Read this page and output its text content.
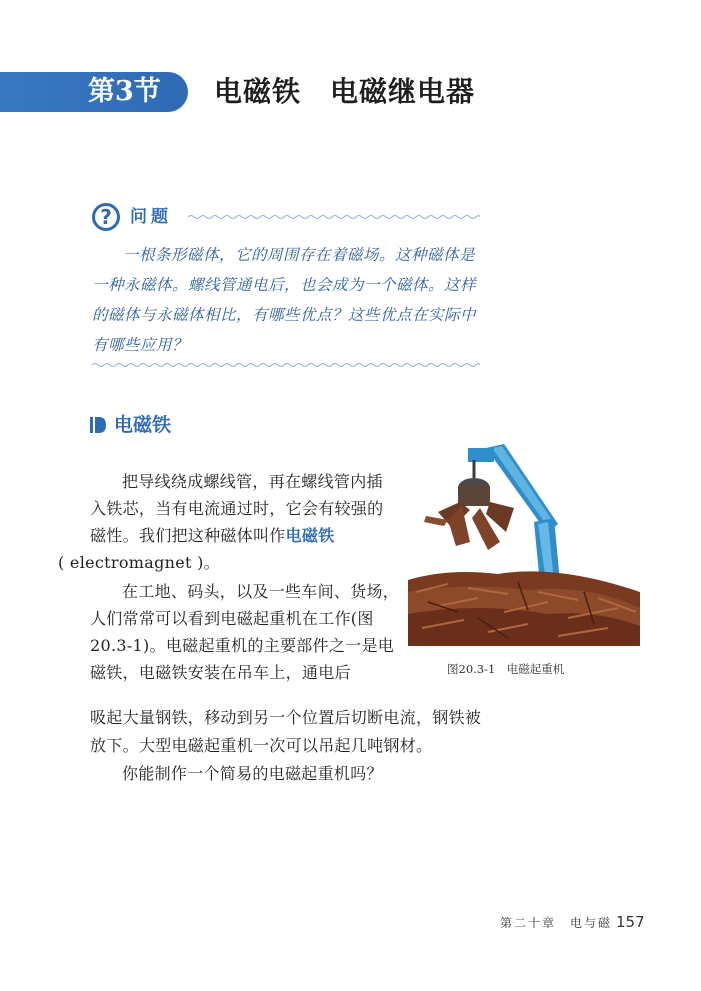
第3节 电磁铁　电磁继电器
?	问题
一根条形磁体，它的周围存在着磁场。这种磁体是一种永磁体。螺线管通电后，也会成为一个磁体。这样的磁体与永磁体相比，有哪些优点？这些优点在实际中有哪些应用？
电磁铁
把导线绕成螺线管，再在螺线管内插入铁芯，当有电流通过时，它会有较强的磁性。我们把这种磁体叫作电磁铁
( electromagnet )。
在工地、码头，以及一些车间、货场，人们常常可以看到电磁起重机在工作(图20.3-1)。电磁起重机的主要部件之一是电磁铁，电磁铁安装在吊车上，通电后
吸起大量钢铁，移动到另一个位置后切断电流，钢铁被放下。大型电磁起重机一次可以吊起几吨钢材。
你能制作一个简易的电磁起重机吗？
图20.3-1　电磁起重机
第二十章　电与磁 157
